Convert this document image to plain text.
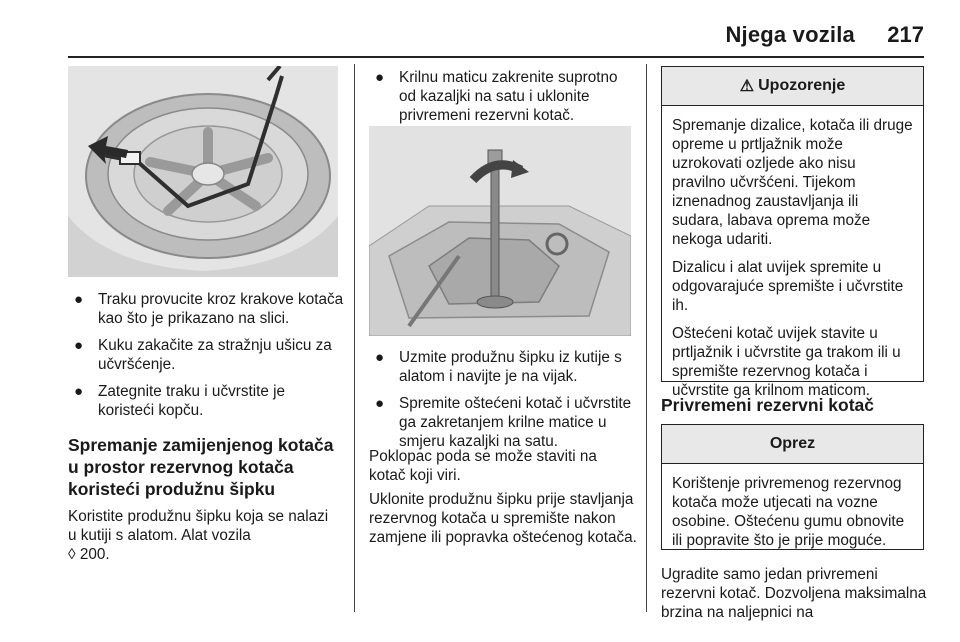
Njega vozila 217
● Traku provucite kroz krakove kotača kao što je prikazano na slici.
● Kuku zakačite za stražnju ušicu za učvršćenje.
● Zategnite traku i učvrstite je koristeći kopču.
Spremanje zamijenjenog kotača u prostor rezervnog kotača koristeći produžnu šipku

Koristite produžnu šipku koja se nalazi u kutiji s alatom. Alat vozila
◊ 200.

● Krilnu maticu zakrenite suprotno od kazaljki na satu i uklonite privremeni rezervni kotač.
● Uzmite produžnu šipku iz kutije s alatom i navijte je na vijak.
● Spremite oštećeni kotač i učvrstite ga zakretanjem krilne matice u smjeru kazaljki na satu.

Poklopac poda se može staviti na kotač koji viri.

Uklonite produžnu šipku prije stavljanja rezervnog kotača u spremište nakon zamjene ili popravka oštećenog kotača.

⚠ Upozorenje

Spremanje dizalice, kotača ili druge opreme u prtljažnik može uzrokovati ozljede ako nisu pravilno učvršćeni. Tijekom iznenadnog zaustavljanja ili sudara, labava oprema može nekoga udariti.

Dizalicu i alat uvijek spremite u odgovarajuće spremište i učvrstite ih.

Oštećeni kotač uvijek stavite u prtljažnik i učvrstite ga trakom ili u spremište rezervnog kotača i učvrstite ga krilnom maticom.

Privremeni rezervni kotač
Oprez

Korištenje privremenog rezervnog kotača može utjecati na vozne osobine. Oštećenu gumu obnovite ili popravite što je prije moguće.

Ugradite samo jedan privremeni rezervni kotač. Dozvoljena maksimalna brzina na naljepnici na
